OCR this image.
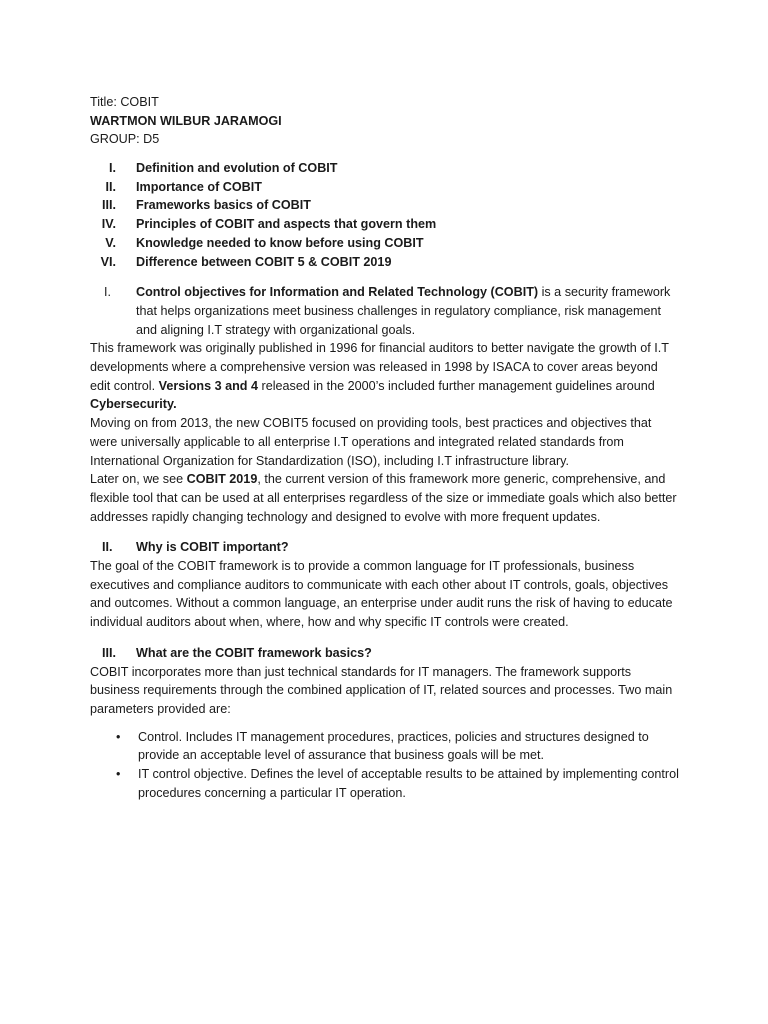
Title: COBIT
WARTMON WILBUR JARAMOGI
GROUP: D5
I. Definition and evolution of COBIT
II. Importance of COBIT
III. Frameworks basics of COBIT
IV. Principles of COBIT and aspects that govern them
V. Knowledge needed to know before using COBIT
VI. Difference between COBIT 5 & COBIT 2019
I.	Control objectives for Information and Related Technology (COBIT) is a security framework that helps organizations meet business challenges in regulatory compliance, risk management and aligning I.T strategy with organizational goals.

This framework was originally published in 1996 for financial auditors to better navigate the growth of I.T developments where a comprehensive version was released in 1998 by ISACA to cover areas beyond edit control. Versions 3 and 4 released in the 2000’s included further management guidelines around Cybersecurity.

Moving on from 2013, the new COBIT5 focused on providing tools, best practices and objectives that were universally applicable to all enterprise I.T operations and integrated related standards from International Organization for Standardization (ISO), including I.T infrastructure library.

Later on, we see COBIT 2019, the current version of this framework more generic, comprehensive, and flexible tool that can be used at all enterprises regardless of the size or immediate goals which also better addresses rapidly changing technology and designed to evolve with more frequent updates.

II.	Why is COBIT important?

The goal of the COBIT framework is to provide a common language for IT professionals, business executives and compliance auditors to communicate with each other about IT controls, goals, objectives and outcomes. Without a common language, an enterprise under audit runs the risk of having to educate individual auditors about when, where, how and why specific IT controls were created.

III.	What are the COBIT framework basics?

COBIT incorporates more than just technical standards for IT managers. The framework supports business requirements through the combined application of IT, related sources and processes. Two main parameters provided are:

•	Control. Includes IT management procedures, practices, policies and structures designed to provide an acceptable level of assurance that business goals will be met.
•	IT control objective. Defines the level of acceptable results to be attained by implementing control procedures concerning a particular IT operation.
